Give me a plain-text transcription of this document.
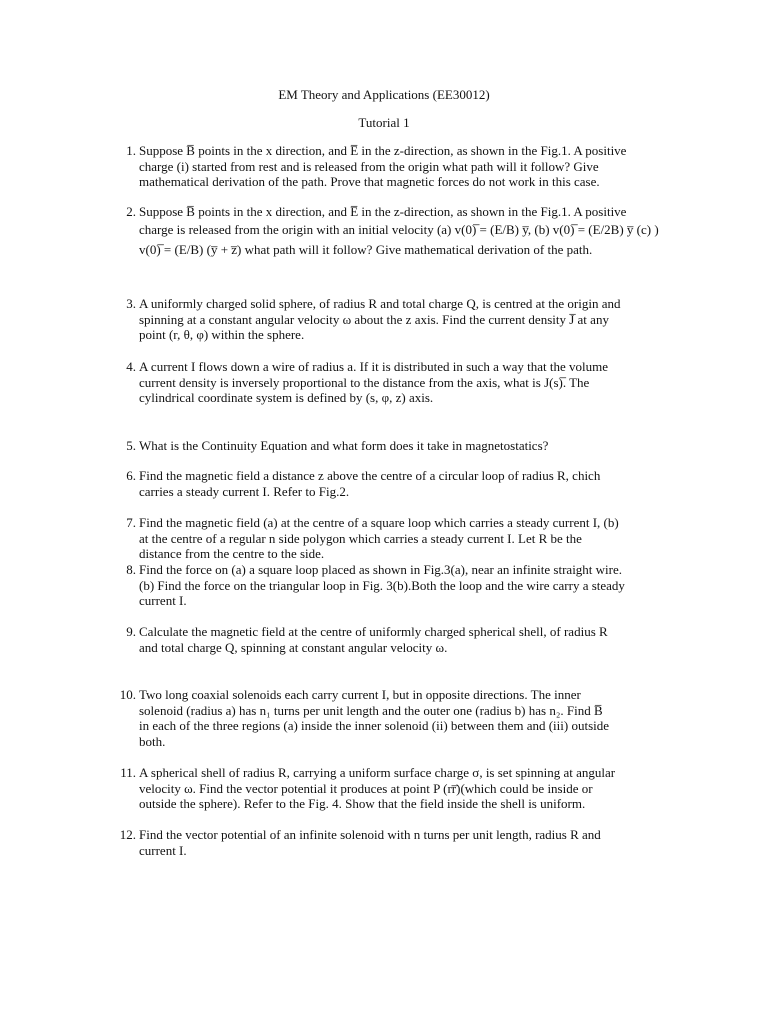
EM Theory and Applications (EE30012)
Tutorial 1
1. Suppose B̅ points in the x direction, and E̅ in the z-direction, as shown in the Fig.1. A positive
charge (i) started from rest and is released from the origin what path will it follow? Give
mathematical derivation of the path. Prove that magnetic forces do not work in this case.
2. Suppose B̅ points in the x direction, and E̅ in the z-direction, as shown in the Fig.1. A positive
charge is released from the origin with an initial velocity (a) v(0)̅ = (E/B) y̅, (b) v(0)̅ = (E/2B) y̅ (c) )
v(0)̅ = (E/B) (y̅ + z̅) what path will it follow? Give mathematical derivation of the path.
3. A uniformly charged solid sphere, of radius R and total charge Q, is centred at the origin and
spinning at a constant angular velocity ω about the z axis. Find the current density J̅ at any
point (r, θ, φ) within the sphere.
4. A current I flows down a wire of radius a. If it is distributed in such a way that the volume
current density is inversely proportional to the distance from the axis, what is J(s)̅. The
cylindrical coordinate system is defined by (s, φ, z) axis.
5. What is the Continuity Equation and what form does it take in magnetostatics?
6. Find the magnetic field a distance z above the centre of a circular loop of radius R, chich
carries a steady current I. Refer to Fig.2.
7. Find the magnetic field (a) at the centre of a square loop which carries a steady current I, (b)
at the centre of a regular n side polygon which carries a steady current I. Let R be the
distance from the centre to the side.
8. Find the force on (a) a square loop placed as shown in Fig.3(a), near an infinite straight wire.
(b) Find the force on the triangular loop in Fig. 3(b).Both the loop and the wire carry a steady
current I.
9. Calculate the magnetic field at the centre of uniformly charged spherical shell, of radius R
and total charge Q, spinning at constant angular velocity ω.
10. Two long coaxial solenoids each carry current I, but in opposite directions. The inner
solenoid (radius a) has n₁ turns per unit length and the outer one (radius b) has n₂. Find B̅
in each of the three regions (a) inside the inner solenoid (ii) between them and (iii) outside
both.
11. A spherical shell of radius R, carrying a uniform surface charge σ, is set spinning at angular
velocity ω. Find the vector potential it produces at point P (rr̅)(which could be inside or
outside the sphere). Refer to the Fig. 4. Show that the field inside the shell is uniform.
12. Find the vector potential of an infinite solenoid with n turns per unit length, radius R and
current I.
